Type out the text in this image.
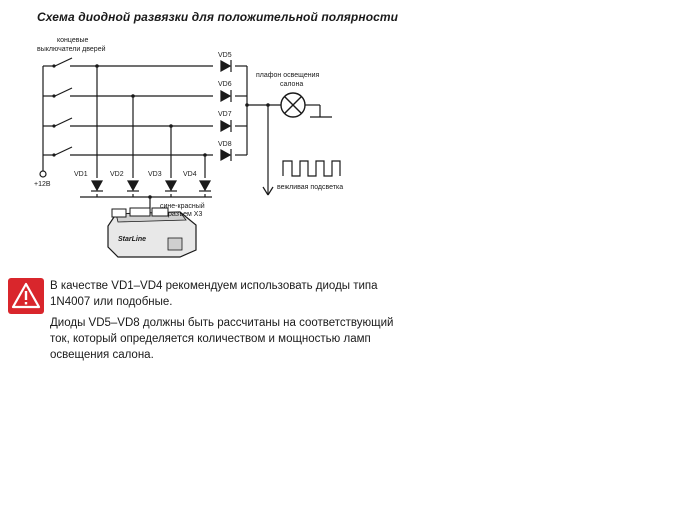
Схема диодной развязки для положительной полярности
StarLine
концевые
выключатели дверей
плафон освещения
салона
+12В	вежливая подсветка
сине-красный
разъем X3
VD5
VD6
VD7
VD8
VD1	VD2	VD3	VD4
В качестве VD1–VD4 рекомендуем использовать диоды типа 1N4007 или подобные.
Диоды VD5–VD8 должны быть рассчитаны на соответствующий ток, который определяется количеством и мощностью ламп освещения салона.
